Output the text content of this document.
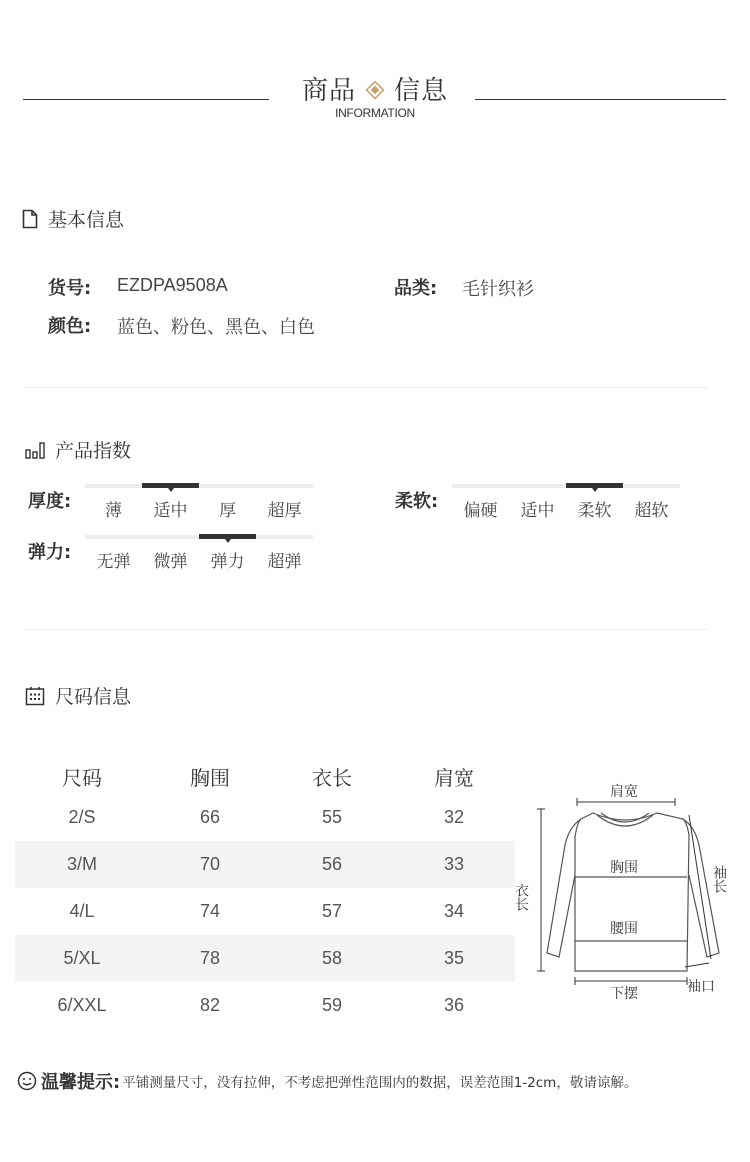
商品 信息
INFORMATION
基本信息
货号: EZDPA9508A	品类: 毛针织衫
颜色: 蓝色、粉色、黑色、白色
产品指数
厚度:	薄	适中	厚	超厚	柔软:	偏硬	适中	柔软	超软
弹力:	无弹	微弹	弹力	超弹
尺码信息
尺码	胸围	衣长	肩宽
2/S	66	55	32
3/M	70	56	33
4/L	74	57	34
5/XL	78	58	35
6/XXL	82	59	36
肩宽
胸围
腰围
下摆	袖口
衣长
袖长
温馨提示: 平铺测量尺寸，没有拉伸，不考虑把弹性范围内的数据，误差范围1-2cm，敬请谅解。
